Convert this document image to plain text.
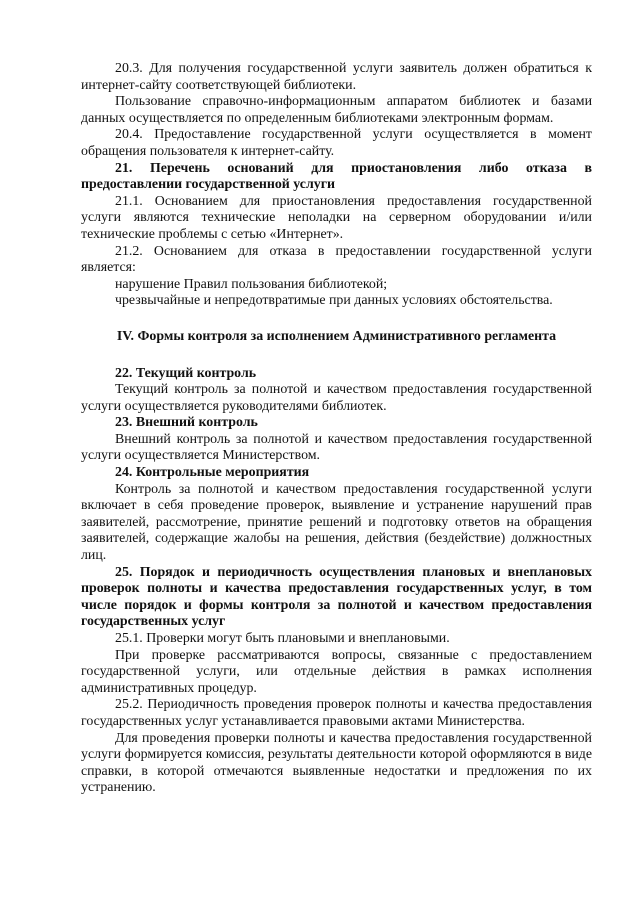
20.3. Для получения государственной услуги заявитель должен обратиться к интернет-сайту соответствующей библиотеки.

Пользование справочно-информационным аппаратом библиотек и базами данных осуществляется по определенным библиотеками электронным формам.

20.4. Предоставление государственной услуги осуществляется в момент обращения пользователя к интернет-сайту.

21. Перечень оснований для приостановления либо отказа в предоставлении государственной услуги

21.1. Основанием для приостановления предоставления государственной услуги являются технические неполадки на серверном оборудовании и/или технические проблемы с сетью «Интернет».

21.2. Основанием для отказа в предоставлении государственной услуги является:

нарушение Правил пользования библиотекой;

чрезвычайные и непредотвратимые при данных условиях обстоятельства.

IV. Формы контроля за исполнением Административного регламента

22. Текущий контроль

Текущий контроль за полнотой и качеством предоставления государственной услуги осуществляется руководителями библиотек.

23. Внешний контроль

Внешний контроль за полнотой и качеством предоставления государственной услуги осуществляется Министерством.

24. Контрольные мероприятия

Контроль за полнотой и качеством предоставления государственной услуги включает в себя проведение проверок, выявление и устранение нарушений прав заявителей, рассмотрение, принятие решений и подготовку ответов на обращения заявителей, содержащие жалобы на решения, действия (бездействие) должностных лиц.

25. Порядок и периодичность осуществления плановых и внеплановых проверок полноты и качества предоставления государственных услуг, в том числе порядок и формы контроля за полнотой и качеством предоставления государственных услуг

25.1. Проверки могут быть плановыми и внеплановыми.

При проверке рассматриваются вопросы, связанные с предоставлением государственной услуги, или отдельные действия в рамках исполнения административных процедур.

25.2. Периодичность проведения проверок полноты и качества предоставления государственных услуг устанавливается правовыми актами Министерства.

Для проведения проверки полноты и качества предоставления государственной услуги формируется комиссия, результаты деятельности которой оформляются в виде справки, в которой отмечаются выявленные недостатки и предложения по их устранению.
